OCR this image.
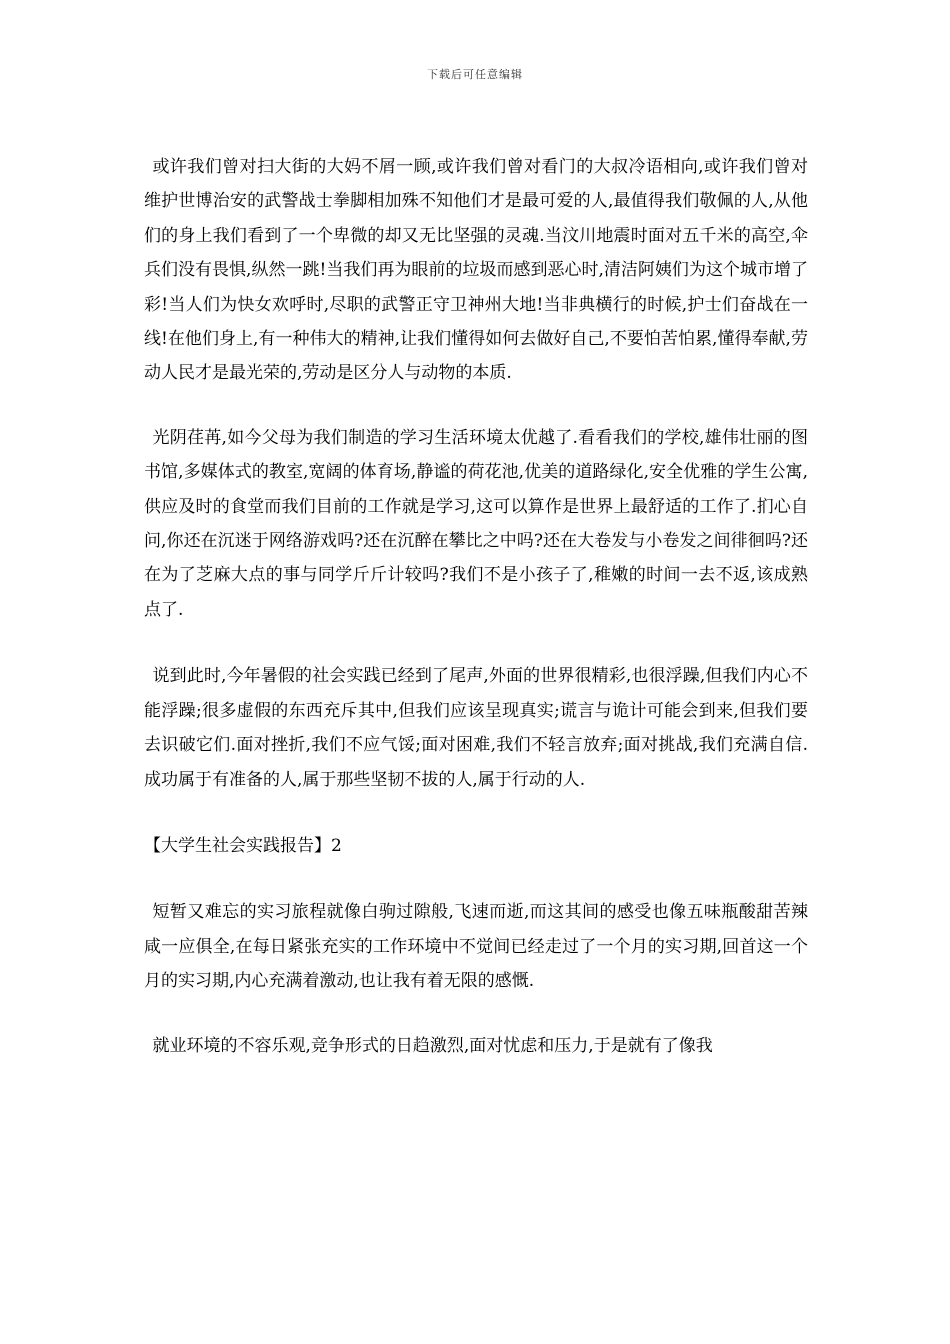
下载后可任意编辑

或许我们曾对扫大街的大妈不屑一顾,或许我们曾对看门的大叔冷语相向,或许我们曾对维护世博治安的武警战士拳脚相加殊不知他们才是最可爱的人,最值得我们敬佩的人,从他们的身上我们看到了一个卑微的却又无比坚强的灵魂.当汶川地震时面对五千米的高空,伞兵们没有畏惧,纵然一跳!当我们再为眼前的垃圾而感到恶心时,清洁阿姨们为这个城市增了彩!当人们为快女欢呼时,尽职的武警正守卫神州大地!当非典横行的时候,护士们奋战在一线!在他们身上,有一种伟大的精神,让我们懂得如何去做好自己,不要怕苦怕累,懂得奉献,劳动人民才是最光荣的,劳动是区分人与动物的本质.

光阴荏苒,如今父母为我们制造的学习生活环境太优越了.看看我们的学校,雄伟壮丽的图书馆,多媒体式的教室,宽阔的体育场,静谧的荷花池,优美的道路绿化,安全优雅的学生公寓,供应及时的食堂而我们目前的工作就是学习,这可以算作是世界上最舒适的工作了.扪心自问,你还在沉迷于网络游戏吗?还在沉醉在攀比之中吗?还在大卷发与小卷发之间徘徊吗?还在为了芝麻大点的事与同学斤斤计较吗?我们不是小孩子了,稚嫩的时间一去不返,该成熟点了.

说到此时,今年暑假的社会实践已经到了尾声,外面的世界很精彩,也很浮躁,但我们内心不能浮躁;很多虚假的东西充斥其中,但我们应该呈现真实;谎言与诡计可能会到来,但我们要去识破它们.面对挫折,我们不应气馁;面对困难,我们不轻言放弃;面对挑战,我们充满自信.成功属于有准备的人,属于那些坚韧不拔的人,属于行动的人.

【大学生社会实践报告】2

短暂又难忘的实习旅程就像白驹过隙般,飞速而逝,而这其间的感受也像五味瓶酸甜苦辣咸一应俱全,在每日紧张充实的工作环境中不觉间已经走过了一个月的实习期,回首这一个月的实习期,内心充满着激动,也让我有着无限的感慨.

就业环境的不容乐观,竞争形式的日趋激烈,面对忧虑和压力,于是就有了像我
